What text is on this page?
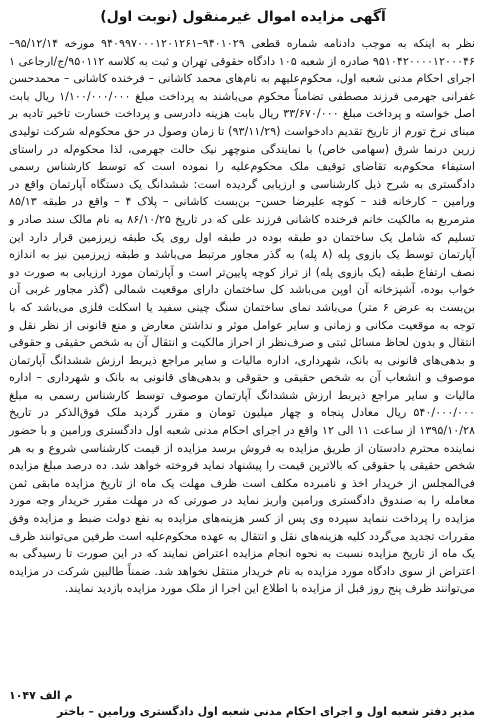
آگهی مزایده اموال غیرمنقول (نوبت اول)
نظر به اینکه به موجب دادنامه شماره قطعی ۹۴۰۱۰۲۹–۹۴۰۹۹۷۰۰۰۱۲۰۱۲۶۱ مورخه ۹۵/۱۲/۱۴–۹۵۱۰۴۲۰۰۰۰۱۲۰۰۰۴۶ صادره از شعبه ۱۰۵ دادگاه حقوقی تهران و ثبت به کلاسه ۹۵۰۱۱۲/ج/ارجاعی ۱ اجرای احکام مدنی شعبه اول، محکوم‌علیهم به نام‌های محمد کاشانی – فرخنده کاشانی – محمدحسن غفرانی جهرمی فرزند مصطفی تضامناً محکوم می‌باشند به پرداخت مبلغ ۱/۱۰۰/۰۰۰/۰۰۰ ریال بابت اصل خواسته و پرداخت مبلغ ۳۳/۶۷۰/۰۰۰ ریال بابت هزینه دادرسی و پرداخت خسارت تاخیر تادیه بر مبنای نرخ تورم از تاریخ تقدیم دادخواست (۹۳/۱۱/۲۹) تا زمان وصول در حق محکوم‌له شرکت تولیدی زرین درنما شرق (سهامی خاص) با نمایندگی منوچهر نیک حالت جهرمی، لذا محکوم‌له در راستای استیفاء محکوم‌به تقاضای توقیف ملک محکوم‌علیه را نموده است که توسط کارشناس رسمی دادگستری به شرح ذیل کارشناسی و ارزیابی گردیده است: ششدانگ یک دستگاه آپارتمان واقع در ورامین – کارخانه قند – کوچه علیرضا حسن– بن‌بست کاشانی – پلاک ۴ – واقع در طبقه ۸۵/۱۳ مترمربع به مالکیت خانم فرخنده کاشانی فرزند علی که در تاریخ ۸۶/۱۰/۲۵ به نام مالک سند صادر و تسلیم که شامل یک ساختمان دو طبقه بوده در طبقه اول روی یک طبقه زیرزمین قرار دارد این آپارتمان توسط یک بازوی پله (۸ پله) به گذر مجاور مرتبط می‌باشد و طبقه زیرزمین نیز به اندازه نصف ارتفاع طبقه (یک بازوی پله) از تراز کوچه پایین‌تر است و آپارتمان مورد ارزیابی به صورت دو خواب بوده، آشپزخانه آن اوپن می‌باشد کل ساختمان دارای موقعیت شمالی (گذر مجاور غربی آن بن‌بست به عرض ۶ متر) می‌باشد نمای ساختمان سنگ چینی سفید یا اسکلت فلزی می‌باشد که با توجه به موقعیت مکانی و زمانی و سایر عوامل موثر و نداشتن معارض و منع قانونی از نظر نقل و انتقال و بدون لحاظ مسائل ثبتی و صرف‌نظر از احراز مالکیت و انتقال آن به شخص حقیقی و حقوقی و بدهی‌های قانونی به بانک، شهرداری، اداره مالیات و سایر مراجع ذیربط ارزش ششدانگ آپارتمان موصوف و انشعاب آن به شخص حقیقی و حقوقی و بدهی‌های قانونی به بانک و شهرداری – اداره مالیات و سایر مراجع ذیربط ارزش ششدانگ آپارتمان موصوف توسط کارشناس رسمی به مبلغ ۵۴۰/۰۰۰/۰۰۰ ریال معادل پنجاه و چهار میلیون تومان و مقرر گردید ملک فوق‌الذکر در تاریخ ۱۳۹۵/۱۰/۲۸ از ساعت ۱۱ الی ۱۲ واقع در اجرای احکام مدنی شعبه اول دادگستری ورامین و با حضور نماینده محترم دادستان از طریق مزایده به فروش برسد مزایده از قیمت کارشناسی شروع و به هر شخص حقیقی یا حقوقی که بالاترین قیمت را پیشنهاد نماید فروخته خواهد شد. ده درصد مبلغ مزایده فی‌المجلس از خریدار اخذ و نامبرده مکلف است ظرف مهلت یک ماه از تاریخ مزایده مابقی ثمن معامله را به صندوق دادگستری ورامین واریز نماید در صورتی که در مهلت مقرر خریدار وجه مورد مزایده را پرداخت ننماید سپرده وی پس از کسر هزینه‌های مزایده به نفع دولت ضبط و مزایده وفق مقررات تجدید می‌گردد کلیه هزینه‌های نقل و انتقال به عهده محکوم‌علیه است طرفین می‌توانند ظرف یک ماه از تاریخ مزایده نسبت به نحوه انجام مزایده اعتراض نمایند که در این صورت تا رسیدگی به اعتراض از سوی دادگاه مورد مزایده به نام خریدار منتقل نخواهد شد. ضمناً طالبین شرکت در مزایده می‌توانند ظرف پنج روز قبل از مزایده با اطلاع این اجرا از ملک مورد مزایده بازدید نمایند.
م الف ۱۰۴۷
مدیر دفتر شعبه اول و اجرای احکام مدنی شعبه اول دادگستری ورامین – باختر
